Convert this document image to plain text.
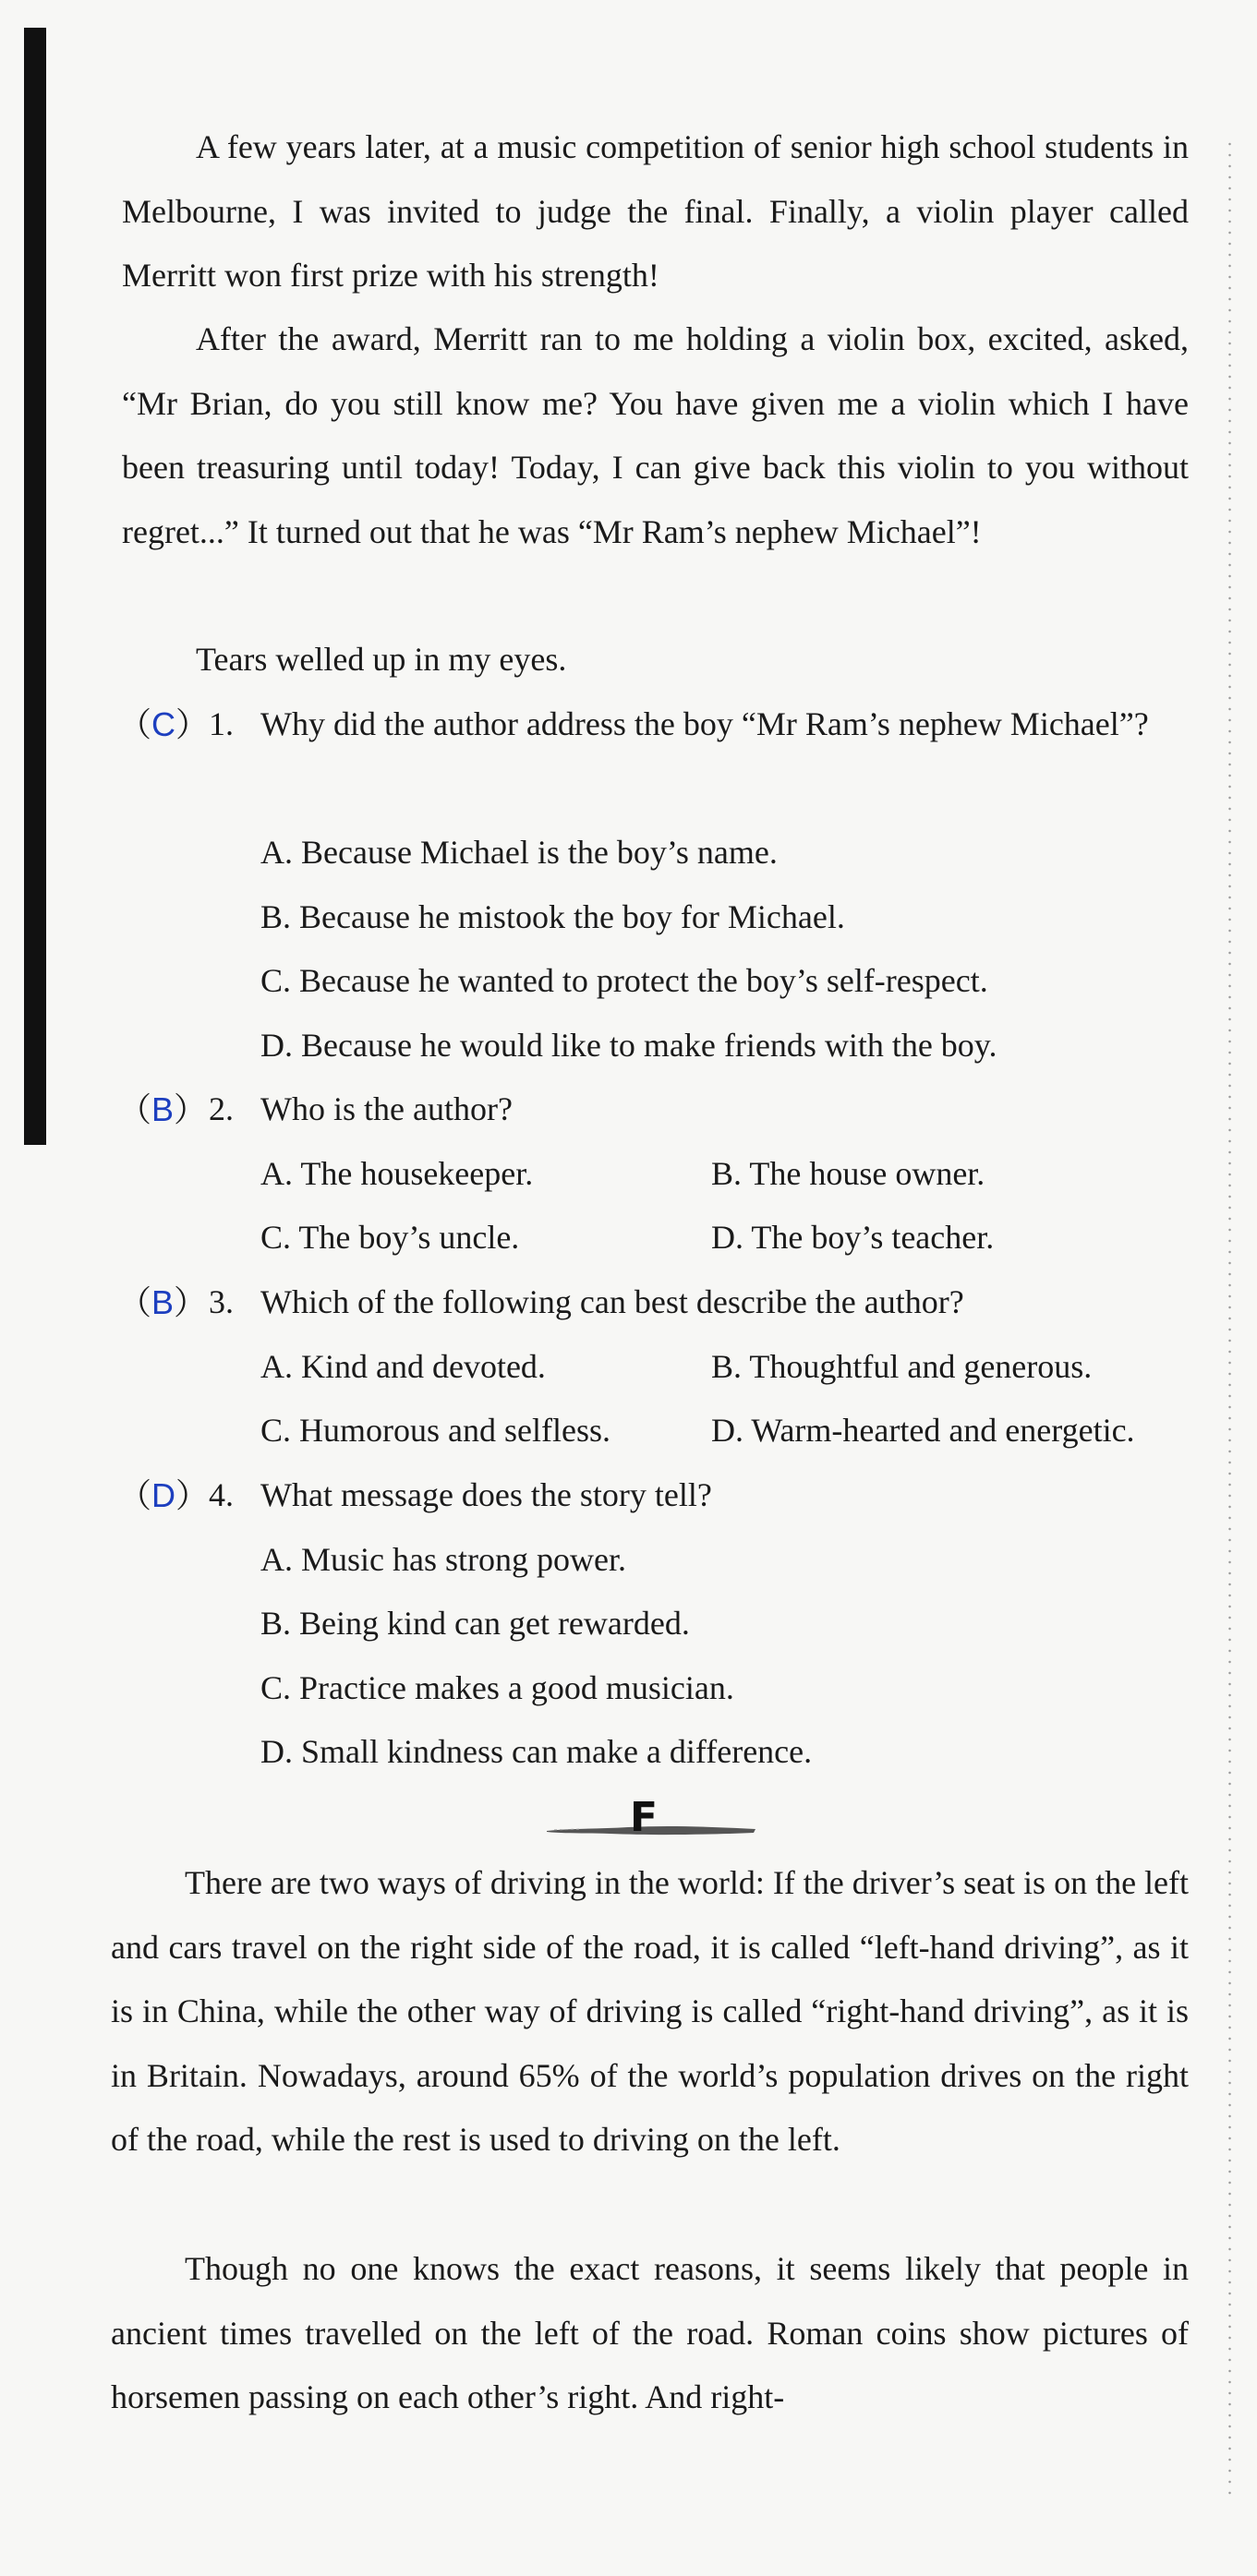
A few years later, at a music competition of senior high school students in Melbourne, I was invited to judge the final. Finally, a violin player called Merritt won first prize with his strength!
After the award, Merritt ran to me holding a violin box, excited, asked, “Mr Brian, do you still know me? You have given me a violin which I have been treasuring until today! Today, I can give back this violin to you without regret...” It turned out that he was “Mr Ram’s nephew Michael”!
Tears welled up in my eyes.
（C） 1. Why did the author address the boy “Mr Ram’s nephew Michael”?
A. Because Michael is the boy’s name.
B. Because he mistook the boy for Michael.
C. Because he wanted to protect the boy’s self-respect.
D. Because he would like to make friends with the boy.
（B） 2. Who is the author?
A. The housekeeper.	B. The house owner.
C. The boy’s uncle.	D. The boy’s teacher.
（B） 3. Which of the following can best describe the author?
A. Kind and devoted.	B. Thoughtful and generous.
C. Humorous and selfless.	D. Warm-hearted and energetic.
（D） 4. What message does the story tell?
A. Music has strong power.
B. Being kind can get rewarded.
C. Practice makes a good musician.
D. Small kindness can make a difference.
F
There are two ways of driving in the world: If the driver’s seat is on the left and cars travel on the right side of the road, it is called “left-hand driving”, as it is in China, while the other way of driving is called “right-hand driving”, as it is in Britain. Nowadays, around 65% of the world’s population drives on the right of the road, while the rest is used to driving on the left.
Though no one knows the exact reasons, it seems likely that people in ancient times travelled on the left of the road. Roman coins show pictures of horsemen passing on each other’s right. And right-
